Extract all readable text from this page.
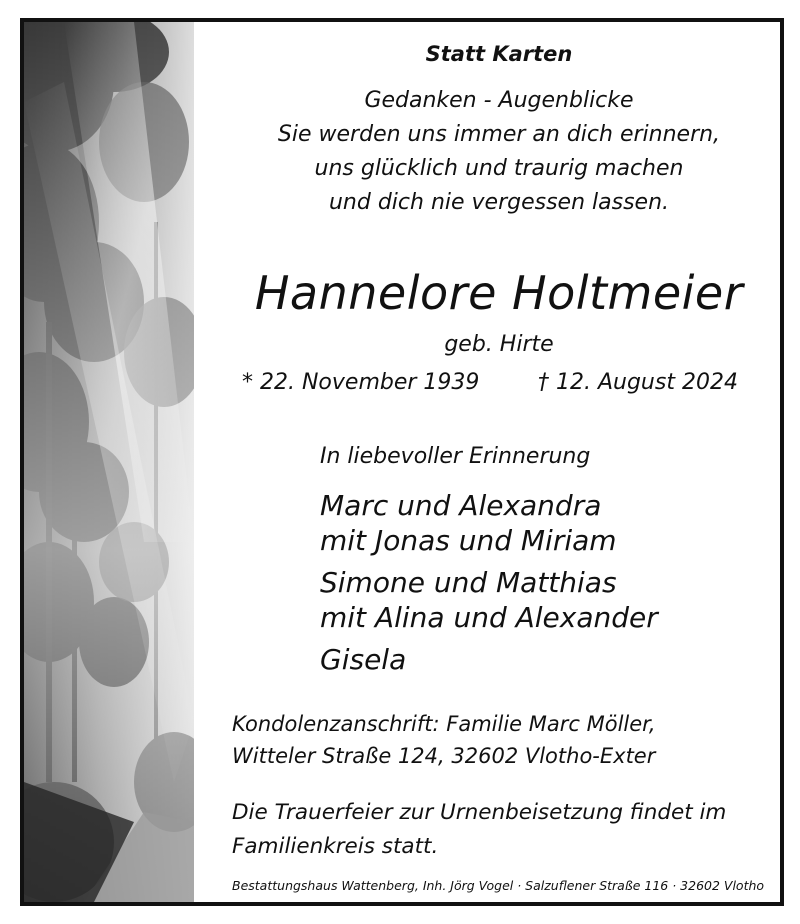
Statt Karten

Gedanken - Augenblicke

Sie werden uns immer an dich erinnern,

uns glücklich und traurig machen

und dich nie vergessen lassen.

Hannelore Holtmeier

geb. Hirte

* 22. November 1939	† 12. August 2024

In liebevoller Erinnerung

Marc und Alexandra

mit Jonas und Miriam

Simone und Matthias

mit Alina und Alexander

Gisela

Kondolenzanschrift: Familie Marc Möller,

Witteler Straße 124, 32602 Vlotho-Exter

Die Trauerfeier zur Urnenbeisetzung findet im

Familienkreis statt.

Bestattungshaus Wattenberg, Inh. Jörg Vogel · Salzuflener Straße 116 · 32602 Vlotho
